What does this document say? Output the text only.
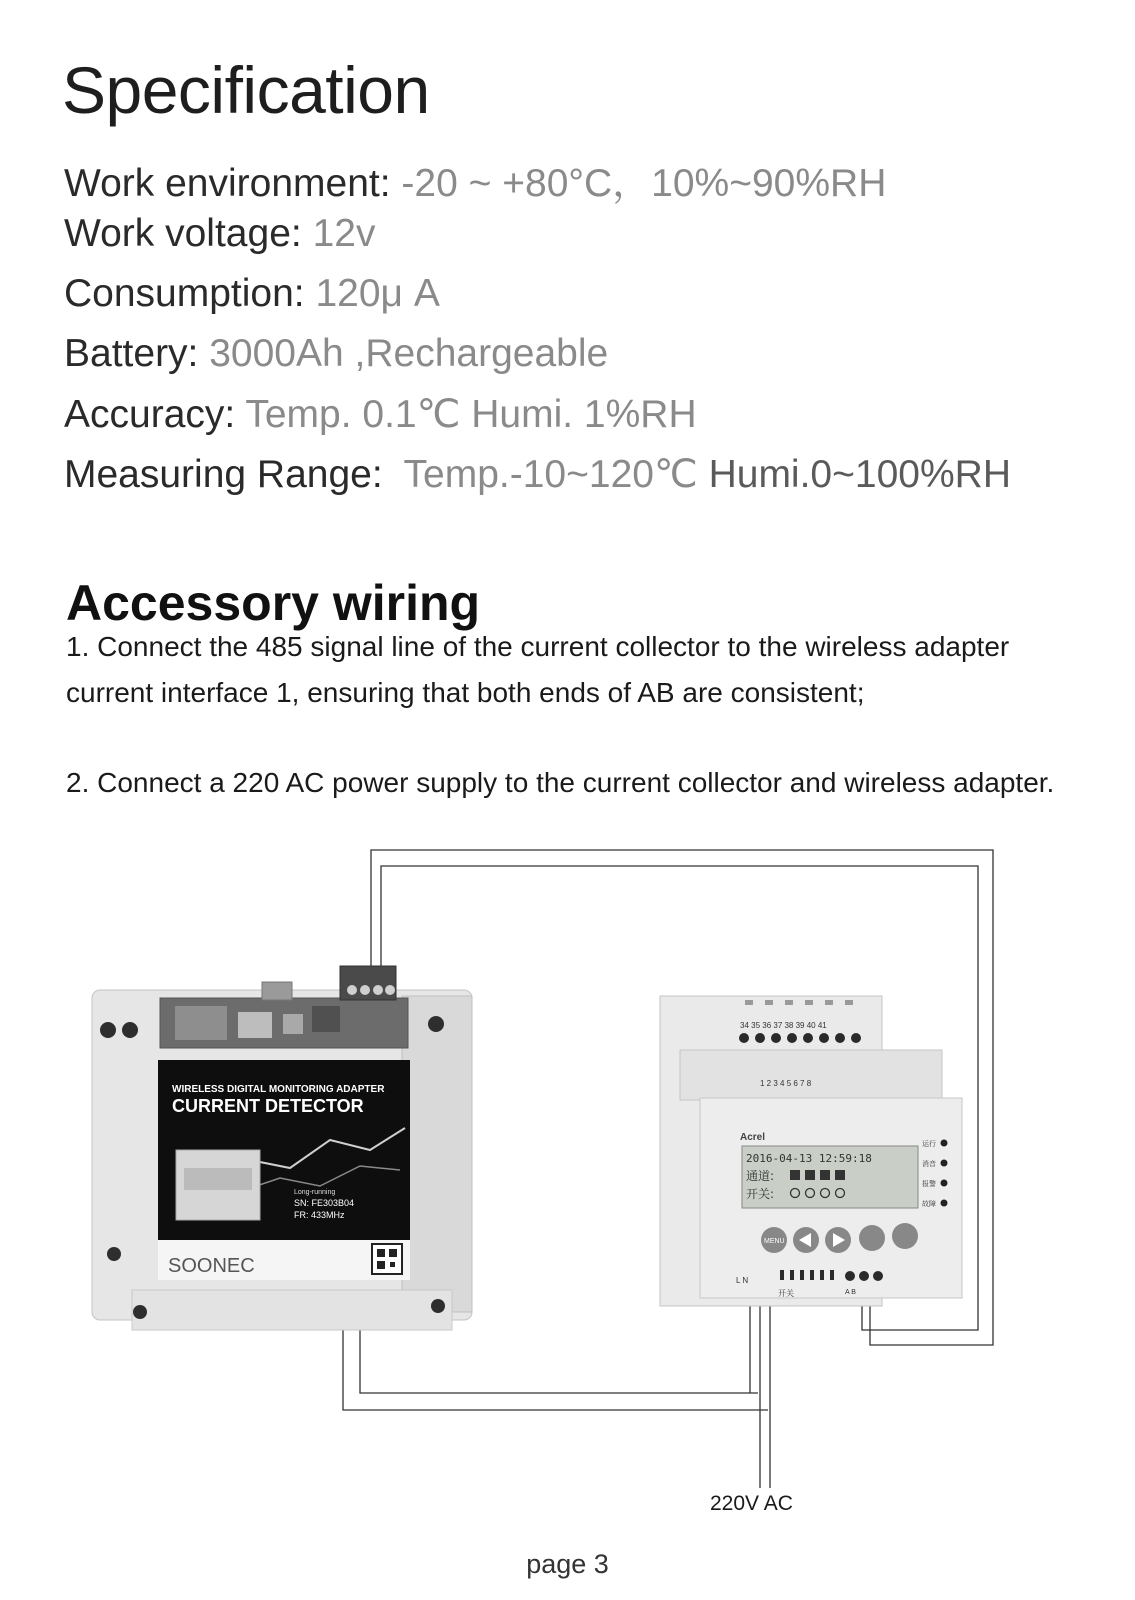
Specification
Work environment: -20 ~ +80°C，10%~90%RH
Work voltage: 12v
Consumption: 120μ A
Battery: 3000Ah ,Rechargeable
Accuracy: Temp. 0.1℃ Humi. 1%RH
Measuring Range: Temp.-10~120℃ Humi.0~100%RH
Accessory wiring
1. Connect the 485 signal line of the current collector to the wireless adapter current interface 1, ensuring that both ends of AB are consistent;
2. Connect a 220 AC power supply to the current collector and wireless adapter.
WIRELESS DIGITAL MONITORING ADAPTER
CURRENT DETECTOR
Long-running
SN: FE303B04
FR: 433MHz
SOONEC
34 35 36 37 38 39 40 41
1 2 3 4 5 6 7 8
Acrel
2016-04-13 12:59:18
通道:
开关:
运行
消音
报警
故障
MENU
L N
开关	A B
220V AC
page 3
